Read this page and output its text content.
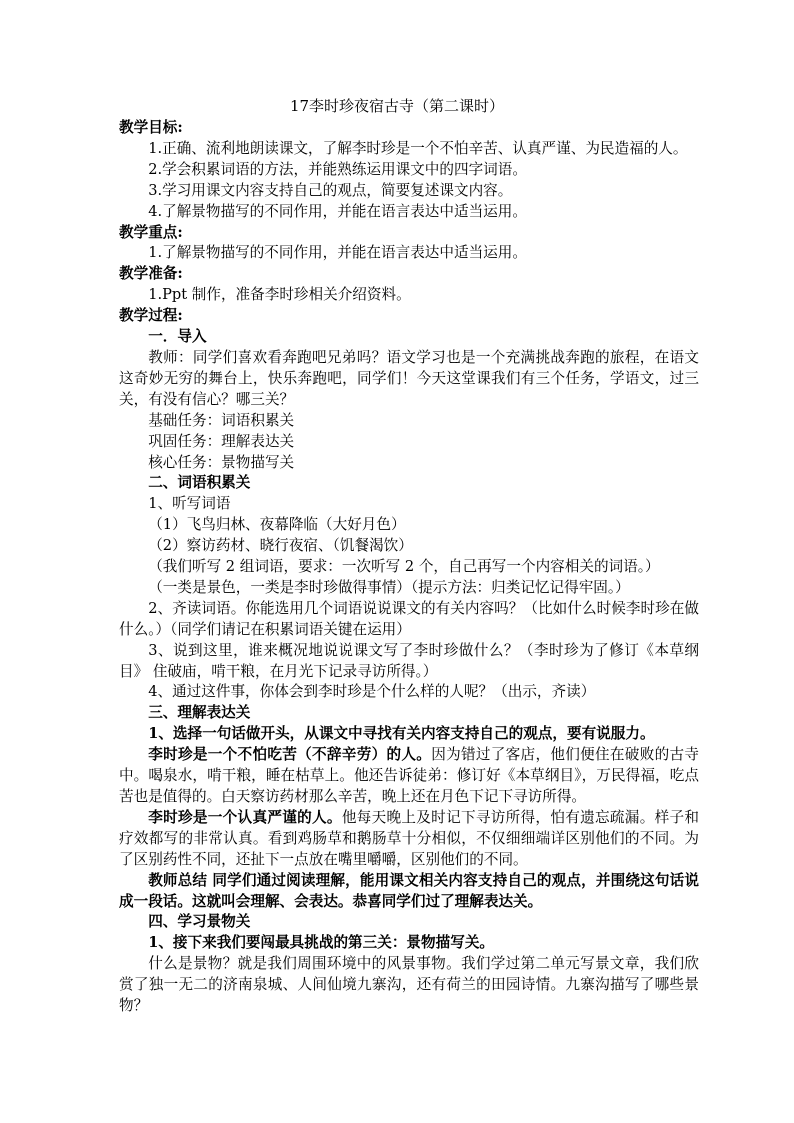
17李时珍夜宿古寺（第二课时）

教学目标:

1.正确、流利地朗读课文，了解李时珍是一个不怕辛苦、认真严谨、为民造福的人。

2.学会积累词语的方法，并能熟练运用课文中的四字词语。

3.学习用课文内容支持自己的观点，简要复述课文内容。

4.了解景物描写的不同作用，并能在语言表达中适当运用。

教学重点:

1.了解景物描写的不同作用，并能在语言表达中适当运用。

教学准备:

1.Ppt 制作，准备李时珍相关介绍资料。

教学过程:

一．导入

教师：同学们喜欢看奔跑吧兄弟吗？语文学习也是一个充满挑战奔跑的旅程，在语文这奇妙无穷的舞台上，快乐奔跑吧，同学们！今天这堂课我们有三个任务，学语文，过三关，有没有信心？哪三关？

基础任务：词语积累关

巩固任务：理解表达关

核心任务：景物描写关

二、词语积累关

1、听写词语

（1）飞鸟归林、夜幕降临（大好月色）

（2）察访药材、晓行夜宿、（饥餐渴饮）

（我们听写 2 组词语，要求：一次听写 2 个，自己再写一个内容相关的词语。）

（一类是景色，一类是李时珍做得事情）（提示方法：归类记忆记得牢固。）

2、齐读词语。你能选用几个词语说说课文的有关内容吗？（比如什么时候李时珍在做什么。）（同学们请记在积累词语关键在运用）

3、说到这里，谁来概况地说说课文写了李时珍做什么？（李时珍为了修订《本草纲目》 住破庙，啃干粮，在月光下记录寻访所得。）

4、通过这件事，你体会到李时珍是个什么样的人呢？（出示，齐读）

三、理解表达关

1、选择一句话做开头，从课文中寻找有关内容支持自己的观点，要有说服力。

李时珍是一个不怕吃苦（不辞辛劳）的人。因为错过了客店，他们便住在破败的古寺中。喝泉水，啃干粮，睡在枯草上。他还告诉徒弟：修订好《本草纲目》，万民得福，吃点苦也是值得的。白天察访药材那么辛苦，晚上还在月色下记下寻访所得。

李时珍是一个认真严谨的人。他每天晚上及时记下寻访所得，怕有遗忘疏漏。样子和疗效都写的非常认真。看到鸡肠草和鹅肠草十分相似，不仅细细端详区别他们的不同。为了区别药性不同，还扯下一点放在嘴里嚼嚼，区别他们的不同。

教师总结 同学们通过阅读理解，能用课文相关内容支持自己的观点，并围绕这句话说成一段话。这就叫会理解、会表达。恭喜同学们过了理解表达关。

四、学习景物关

1、接下来我们要闯最具挑战的第三关：景物描写关。

什么是景物？就是我们周围环境中的风景事物。我们学过第二单元写景文章，我们欣赏了独一无二的济南泉城、人间仙境九寨沟，还有荷兰的田园诗情。九寨沟描写了哪些景物？
